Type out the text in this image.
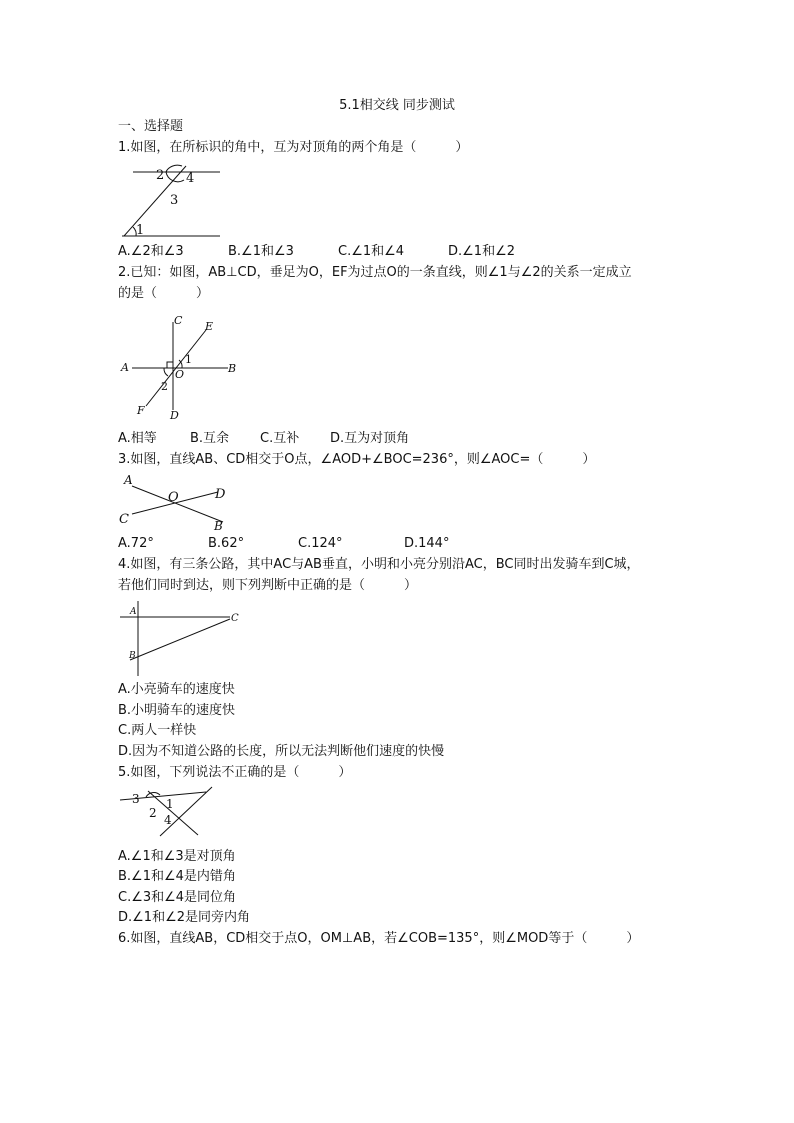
5.1相交线 同步测试
一、选择题
1.如图，在所标识的角中，互为对顶角的两个角是（　　　）
2 4
3
1
A.∠2和∠3	B.∠1和∠3	C.∠1和∠4	D.∠1和∠2
2.已知：如图，AB⊥CD，垂足为O，EF为过点O的一条直线，则∠1与∠2的关系一定成立
的是（　　　）
C E
A	B
O
1
2
F D
A.相等	B.互余 C.互补 D.互为对顶角
3.如图，直线AB、CD相交于O点，∠AOD+∠BOC=236°，则∠AOC=（　　　）
A
O	D
C	B
A.72°	B.62°	C.124°	D.144°
4.如图，有三条公路，其中AC与AB垂直，小明和小亮分别沿AC，BC同时出发骑车到C城，
若他们同时到达，则下列判断中正确的是（　　　）
A
C
B
A.小亮骑车的速度快
B.小明骑车的速度快
C.两人一样快
D.因为不知道公路的长度，所以无法判断他们速度的快慢
5.如图，下列说法不正确的是（　　　）
3 1
2 4
A.∠1和∠3是对顶角
B.∠1和∠4是内错角
C.∠3和∠4是同位角
D.∠1和∠2是同旁内角
6.如图，直线AB，CD相交于点O，OM⊥AB，若∠COB=135°，则∠MOD等于（　　　）
